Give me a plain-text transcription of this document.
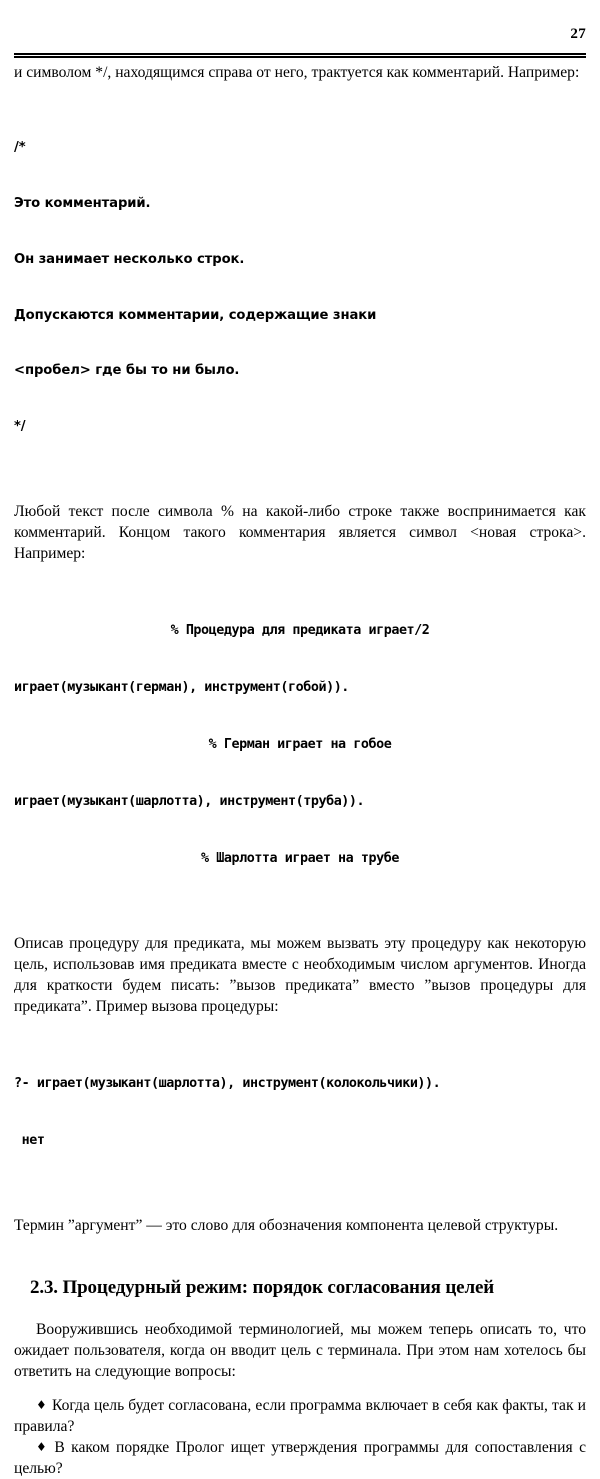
27

и символом */, находящимся справа от него, трактуется как комментарий. Например:

/*

Это комментарий.

Он занимает несколько строк.

Допускаются комментарии, содержащие знаки

<пробел> где бы то ни было.

*/

Любой текст после символа % на какой-либо строке также воспринимается как комментарий. Концом такого комментария является символ <новая строка>. Например:

% Процедура для предиката играет/2

играет(музыкант(герман), инструмент(гобой)).

% Герман играет на гобое

играет(музыкант(шарлотта), инструмент(труба)).

% Шарлотта играет на трубе

Описав процедуру для предиката, мы можем вызвать эту процедуру как некоторую цель, использовав имя предиката вместе с необходимым числом аргументов. Иногда для краткости будем писать: ”вызов предиката” вместо ”вызов процедуры для предиката”. Пример вызова процедуры:

?- играет(музыкант(шарлотта), инструмент(колокольчики)).

нет

Термин ”аргумент” — это слово для обозначения компонента целевой структуры.

2.3. Процедурный режим: порядок согласования целей

Вооружившись необходимой терминологией, мы можем теперь описать то, что ожидает пользователя, когда он вводит цель с терминала. При этом нам хотелось бы ответить на следующие вопросы:

♦ Когда цель будет согласована, если программа включает в себя как факты, так и правила?

♦ В каком порядке Пролог ищет утверждения программы для сопоставления с целью?
